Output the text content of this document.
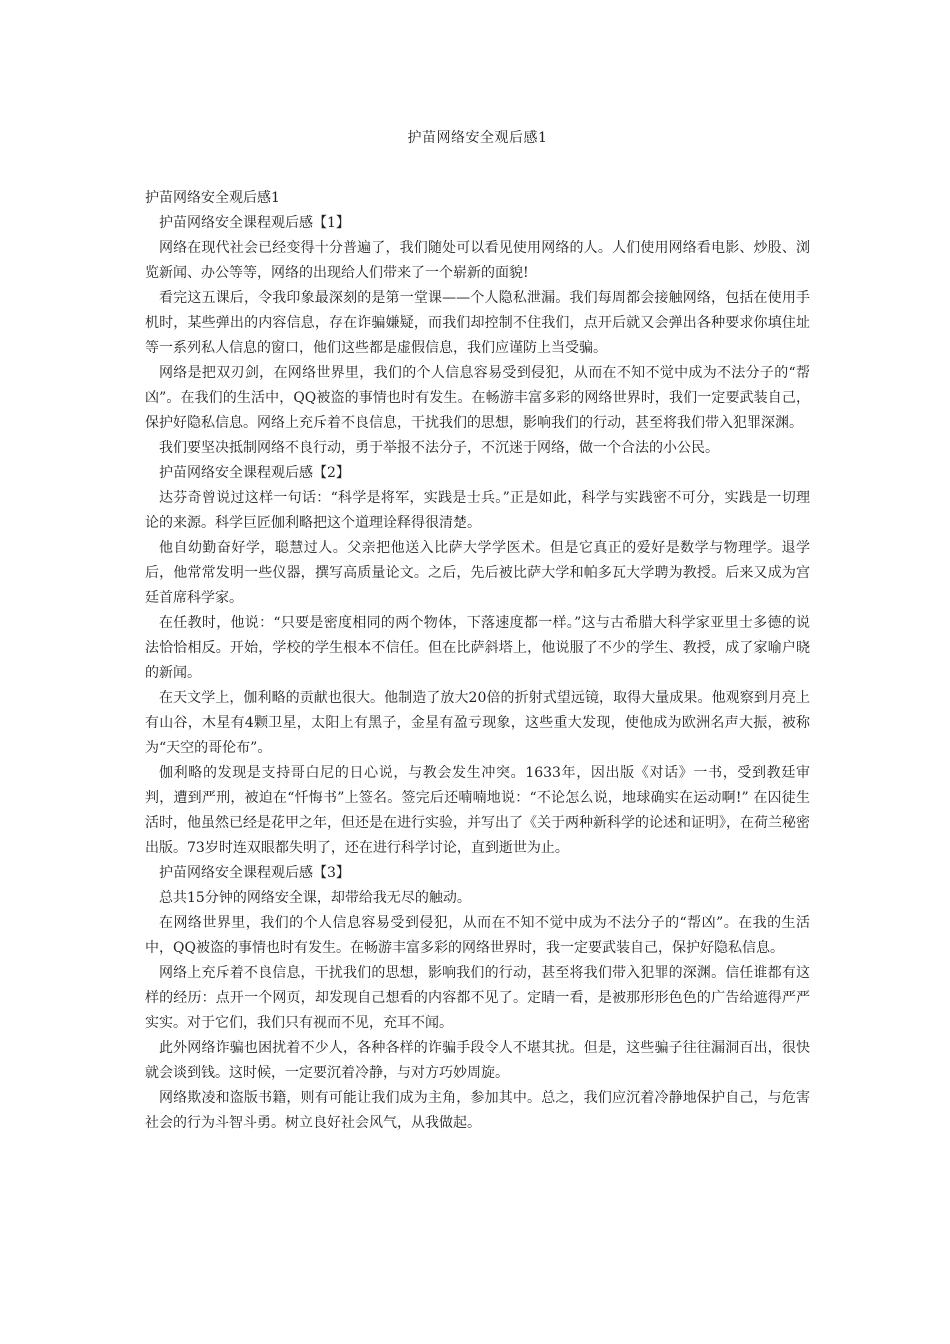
护苗网络安全观后感1

护苗网络安全观后感1

护苗网络安全课程观后感【1】

网络在现代社会已经变得十分普遍了，我们随处可以看见使用网络的人。人们使用网络看电影、炒股、浏览新闻、办公等等，网络的出现给人们带来了一个崭新的面貌!

看完这五课后，令我印象最深刻的是第一堂课——个人隐私泄漏。我们每周都会接触网络，包括在使用手机时，某些弹出的内容信息，存在诈骗嫌疑，而我们却控制不住我们，点开后就又会弹出各种要求你填住址等一系列私人信息的窗口，他们这些都是虚假信息，我们应谨防上当受骗。

网络是把双刃剑，在网络世界里，我们的个人信息容易受到侵犯，从而在不知不觉中成为不法分子的“帮凶”。在我们的生活中，QQ被盗的事情也时有发生。在畅游丰富多彩的网络世界时，我们一定要武装自己，保护好隐私信息。网络上充斥着不良信息，干扰我们的思想，影响我们的行动，甚至将我们带入犯罪深渊。

我们要坚决抵制网络不良行动，勇于举报不法分子，不沉迷于网络，做一个合法的小公民。

护苗网络安全课程观后感【2】

达芬奇曾说过这样一句话：“科学是将军，实践是士兵。”正是如此，科学与实践密不可分，实践是一切理论的来源。科学巨匠伽利略把这个道理诠释得很清楚。

他自幼勤奋好学，聪慧过人。父亲把他送入比萨大学学医术。但是它真正的爱好是数学与物理学。退学后，他常常发明一些仪器，撰写高质量论文。之后，先后被比萨大学和帕多瓦大学聘为教授。后来又成为宫廷首席科学家。

在任教时，他说：“只要是密度相同的两个物体，下落速度都一样。”这与古希腊大科学家亚里士多德的说法恰恰相反。开始，学校的学生根本不信任。但在比萨斜塔上，他说服了不少的学生、教授，成了家喻户晓的新闻。

在天文学上，伽利略的贡献也很大。他制造了放大20倍的折射式望远镜，取得大量成果。他观察到月亮上有山谷，木星有4颗卫星，太阳上有黑子，金星有盈亏现象，这些重大发现，使他成为欧洲名声大振，被称为“天空的哥伦布”。

伽利略的发现是支持哥白尼的日心说，与教会发生冲突。1633年，因出版《对话》一书，受到教廷审判，遭到严刑，被迫在“忏悔书”上签名。签完后还喃喃地说：“不论怎么说，地球确实在运动啊!” 在囚徒生活时，他虽然已经是花甲之年，但还是在进行实验，并写出了《关于两种新科学的论述和证明》，在荷兰秘密出版。73岁时连双眼都失明了，还在进行科学讨论，直到逝世为止。

护苗网络安全课程观后感【3】

总共15分钟的网络安全课，却带给我无尽的触动。

在网络世界里，我们的个人信息容易受到侵犯，从而在不知不觉中成为不法分子的“帮凶”。在我的生活中，QQ被盗的事情也时有发生。在畅游丰富多彩的网络世界时，我一定要武装自己，保护好隐私信息。

网络上充斥着不良信息，干扰我们的思想，影响我们的行动，甚至将我们带入犯罪的深渊。信任谁都有这样的经历：点开一个网页，却发现自己想看的内容都不见了。定睛一看，是被那形形色色的广告给遮得严严实实。对于它们，我们只有视而不见，充耳不闻。

此外网络诈骗也困扰着不少人，各种各样的诈骗手段令人不堪其扰。但是，这些骗子往往漏洞百出，很快就会谈到钱。这时候，一定要沉着冷静，与对方巧妙周旋。

网络欺凌和盗版书籍，则有可能让我们成为主角，参加其中。总之，我们应沉着冷静地保护自己，与危害社会的行为斗智斗勇。树立良好社会风气，从我做起。
